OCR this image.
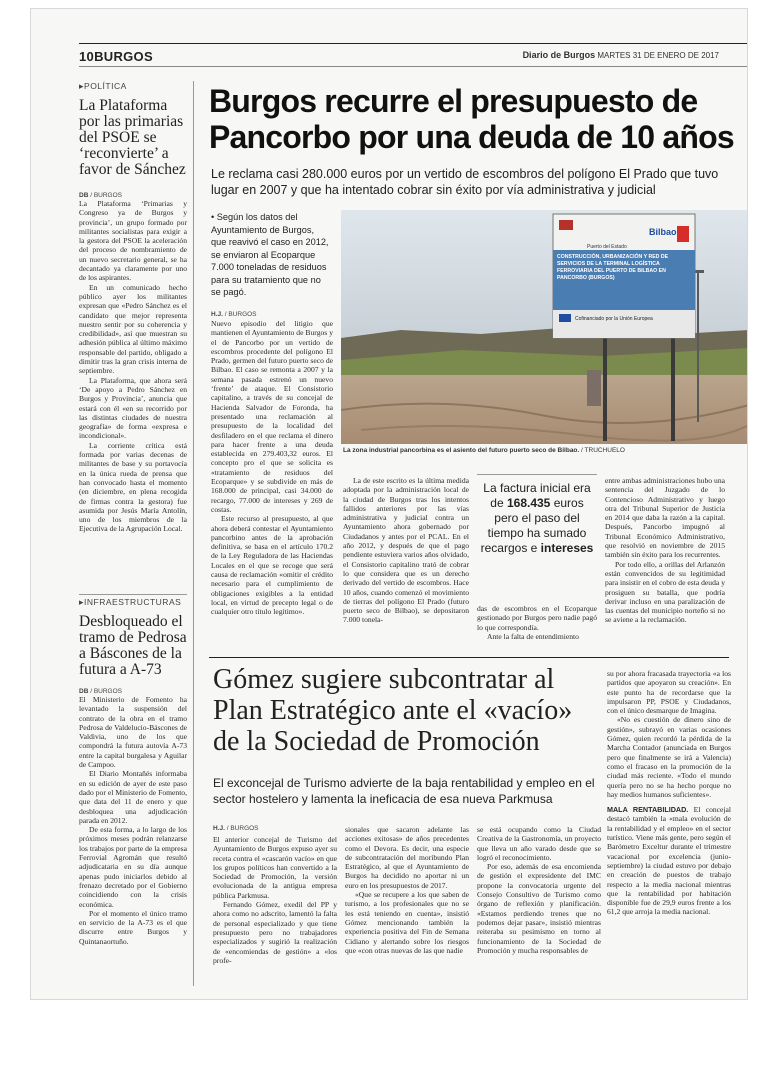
10BURGOS	Diario de Burgos MARTES 31 DE ENERO DE 2017
▸ POLÍTICA
La Plataforma por las primarias del PSOE se ‘reconvierte’ a favor de Sánchez
DB / BURGOS

La Plataforma ‘Primarias y Congreso ya de Burgos y provincia’, un grupo formado por militantes socialistas para exigir a la gestora del PSOE la aceleración del proceso de nombramiento de un nuevo secretario general, se ha decantado ya claramente por uno de los aspirantes.

En un comunicado hecho público ayer los militantes expresan que «Pedro Sánchez es el candidato que mejor representa nuestro sentir por su coherencia y credibilidad», así que muestran su adhesión pública al último máximo responsable del partido, obligado a dimitir tras la gran crisis interna de septiembre.

La Plataforma, que ahora será ‘De apoyo a Pedro Sánchez en Burgos y Provincia’, anuncia que estará con él «en su recorrido por las distintas ciudades de nuestra geografía» de forma «expresa e incondicional».

La corriente crítica está formada por varias decenas de militantes de base y su portavocía en la única rueda de prensa que han convocado hasta el momento (en diciembre, en plena recogida de firmas contra la gestora) fue asumida por Jesús María Antolín, uno de los miembros de la Ejecutiva de la Agrupación Local.

▸ INFRAESTRUCTURAS
Desbloqueado el tramo de Pedrosa a Báscones de la futura a A-73
DB / BURGOS

El Ministerio de Fomento ha levantado la suspensión del contrato de la obra en el tramo Pedrosa de Valdelucio-Báscones de Valdivia, uno de los que compondrá la futura autovía A-73 entre la capital burgalesa y Aguilar de Campoo.

El Diario Montañés informaba en su edición de ayer de este paso dado por el Ministerio de Fomento, que data del 11 de enero y que desbloquea una adjudicación parada en 2012.

De esta forma, a lo largo de los próximos meses podrán relanzarse los trabajos por parte de la empresa Ferrovial Agromán que resultó adjudicataria en su día aunque apenas pudo iniciarlos debido al frenazo decretado por el Gobierno coincidiendo con la crisis económica.

Por el momento el único tramo en servicio de la A-73 es el que discurre entre Burgos y Quintanaortuño.

Burgos recurre el presupuesto de Pancorbo por una deuda de 10 años
Le reclama casi 280.000 euros por un vertido de escombros del polígono El Prado que tuvo lugar en 2007 y que ha intentado cobrar sin éxito por vía administrativa y judicial
• Según los datos del Ayuntamiento de Burgos, que reavivó el caso en 2012, se enviaron al Ecoparque 7.000 toneladas de residuos para su tratamiento que no se pagó.
H.J. / BURGOS

Nuevo episodio del litigio que mantienen el Ayuntamiento de Burgos y el de Pancorbo por un vertido de escombros procedente del polígono El Prado, germen del futuro puerto seco de Bilbao. El caso se remonta a 2007 y la semana pasada estrenó un nuevo ‘frente’ de ataque. El Consistorio capitalino, a través de su concejal de Hacienda Salvador de Foronda, ha presentado una reclamación al presupuesto de la localidad del desfiladero en el que reclama el dinero para hacer frente a una deuda establecida en 279.403,32 euros. El concepto pro el que se solicita es «tratamiento de residuos del Ecoparque» y se subdivide en más de 168.000 de principal, casi 34.000 de recargo, 77.000 de intereses y 269 de costas.

Este recurso al presupuesto, al que ahora deberá contestar el Ayuntamiento pancorbino antes de la aprobación definitiva, se basa en el artículo 170.2 de la Ley Reguladora de las Haciendas Locales en el que se recoge que será causa de reclamación «omitir el crédito necesario para el cumplimiento de obligaciones exigibles a la entidad local, en virtud de precepto legal o de cualquier otro título legítimo».

Puerto del Estado
Bilbao
CONSTRUCCIÓN, URBANIZACIÓN Y RED DE SERVICIOS DE LA TERMINAL LOGÍSTICA FERROVIARIA DEL PUERTO DE BILBAO EN PANCORBO (BURGOS)
Cofinanciado por la Unión Europea
La zona industrial pancorbina es el asiento del futuro puerto seco de Bilbao. / TRUCHUELO

La de este escrito es la última medida adoptada por la administración local de la ciudad de Burgos tras los intentos fallidos anteriores por las vías administrativa y judicial contra un Ayuntamiento ahora gobernado por Ciudadanos y antes por el PCAL. En el año 2012, y después de que el pago pendiente estuviera varios años olvidado, el Consistorio capitalino trató de cobrar lo que considera que es un derecho derivado del vertido de escombros. Hace 10 años, cuando comenzó el movimiento de tierras del polígono El Prado (futuro puerto seco de Bilbao), se depositaron 7.000 tonela-

La factura inicial era de 168.435 euros pero el paso del tiempo ha sumado recargos e intereses

das de escombros en el Ecoparque gestionado por Burgos pero nadie pagó lo que correspondía.

Ante la falta de entendimiento

entre ambas administraciones hubo una sentencia del Juzgado de lo Contencioso Administrativo y luego otra del Tribunal Superior de Justicia en 2014 que daba la razón a la capital. Después, Pancorbo impugnó al Tribunal Económico Administrativo, que resolvió en noviembre de 2015 también sin éxito para los recurrentes.

Por todo ello, a orillas del Arlanzón están convencidos de su legitimidad para insistir en el cobro de esta deuda y prosiguen su batalla, que podría derivar incluso en una paralización de las cuentas del municipio norteño si no se aviene a la reclamación.

Gómez sugiere subcontratar al Plan Estratégico ante el «vacío» de la Sociedad de Promoción
El exconcejal de Turismo advierte de la baja rentabilidad y empleo en el sector hostelero y lamenta la ineficacia de esa nueva Parkmusa
H.J. / BURGOS

El anterior concejal de Turismo del Ayuntamiento de Burgos expuso ayer su receta contra el «cascarón vacío» en que los grupos políticos han convertido a la Sociedad de Promoción, la versión evolucionada de la antigua empresa pública Parkmusa.

Fernando Gómez, exedil del PP y ahora como no adscrito, lamentó la falta de personal especializado y que tiene presupuesto pero no trabajadores especializados y sugirió la realización de «encomiendas de gestión» a «los profe-

sionales que sacaron adelante las acciones exitosas» de años precedentes como el Devora. Es decir, una especie de subcontratación del moribundo Plan Estratégico, al que el Ayuntamiento de Burgos ha decidido no aportar ni un euro en los presupuestos de 2017.

«Que se recupere a los que saben de turismo, a los profesionales que no se les está teniendo en cuenta», insistió Gómez mencionando también la experiencia positiva del Fin de Semana Cidiano y alertando sobre los riesgos que «con otras nuevas de las que nadie

se está ocupando como la Ciudad Creativa de la Gastronomía, un proyecto que lleva un año varado desde que se logró el reconocimiento.

Por eso, además de esa encomienda de gestión el expresidente del IMC propone la convocatoria urgente del Consejo Consultivo de Turismo como órgano de reflexión y planificación. «Estamos perdiendo trenes que no podemos dejar pasar», insistió mientras reiteraba su pesimismo en torno al funcionamiento de la Sociedad de Promoción y mucha responsables de

su por ahora fracasada trayectoria «a los partidos que apoyaron su creación». En este punto ha de recordarse que la impulsaron PP, PSOE y Ciudadanos, con el único desmarque de Imagina.

«No es cuestión de dinero sino de gestión», subrayó en varias ocasiones Gómez, quien recordó la pérdida de la Marcha Contador (anunciada en Burgos pero que finalmente se irá a Valencia) como el fracaso en la promoción de la ciudad más reciente. «Todo el mundo quería pero no se ha hecho porque no hay medios humanos suficientes».

MALA RENTABILIDAD. El concejal destacó también la «mala evolución de la rentabilidad y el empleo» en el sector turístico. Viene más gente, pero según el Barómetro Exceltur durante el trimestre vacacional por excelencia (junio-septiembre) la ciudad estuvo por debajo en creación de puestos de trabajo respecto a la media nacional mientras que la rentabilidad por habitación disponible fue de 29,9 euros frente a los 61,2 que arroja la media nacional.
